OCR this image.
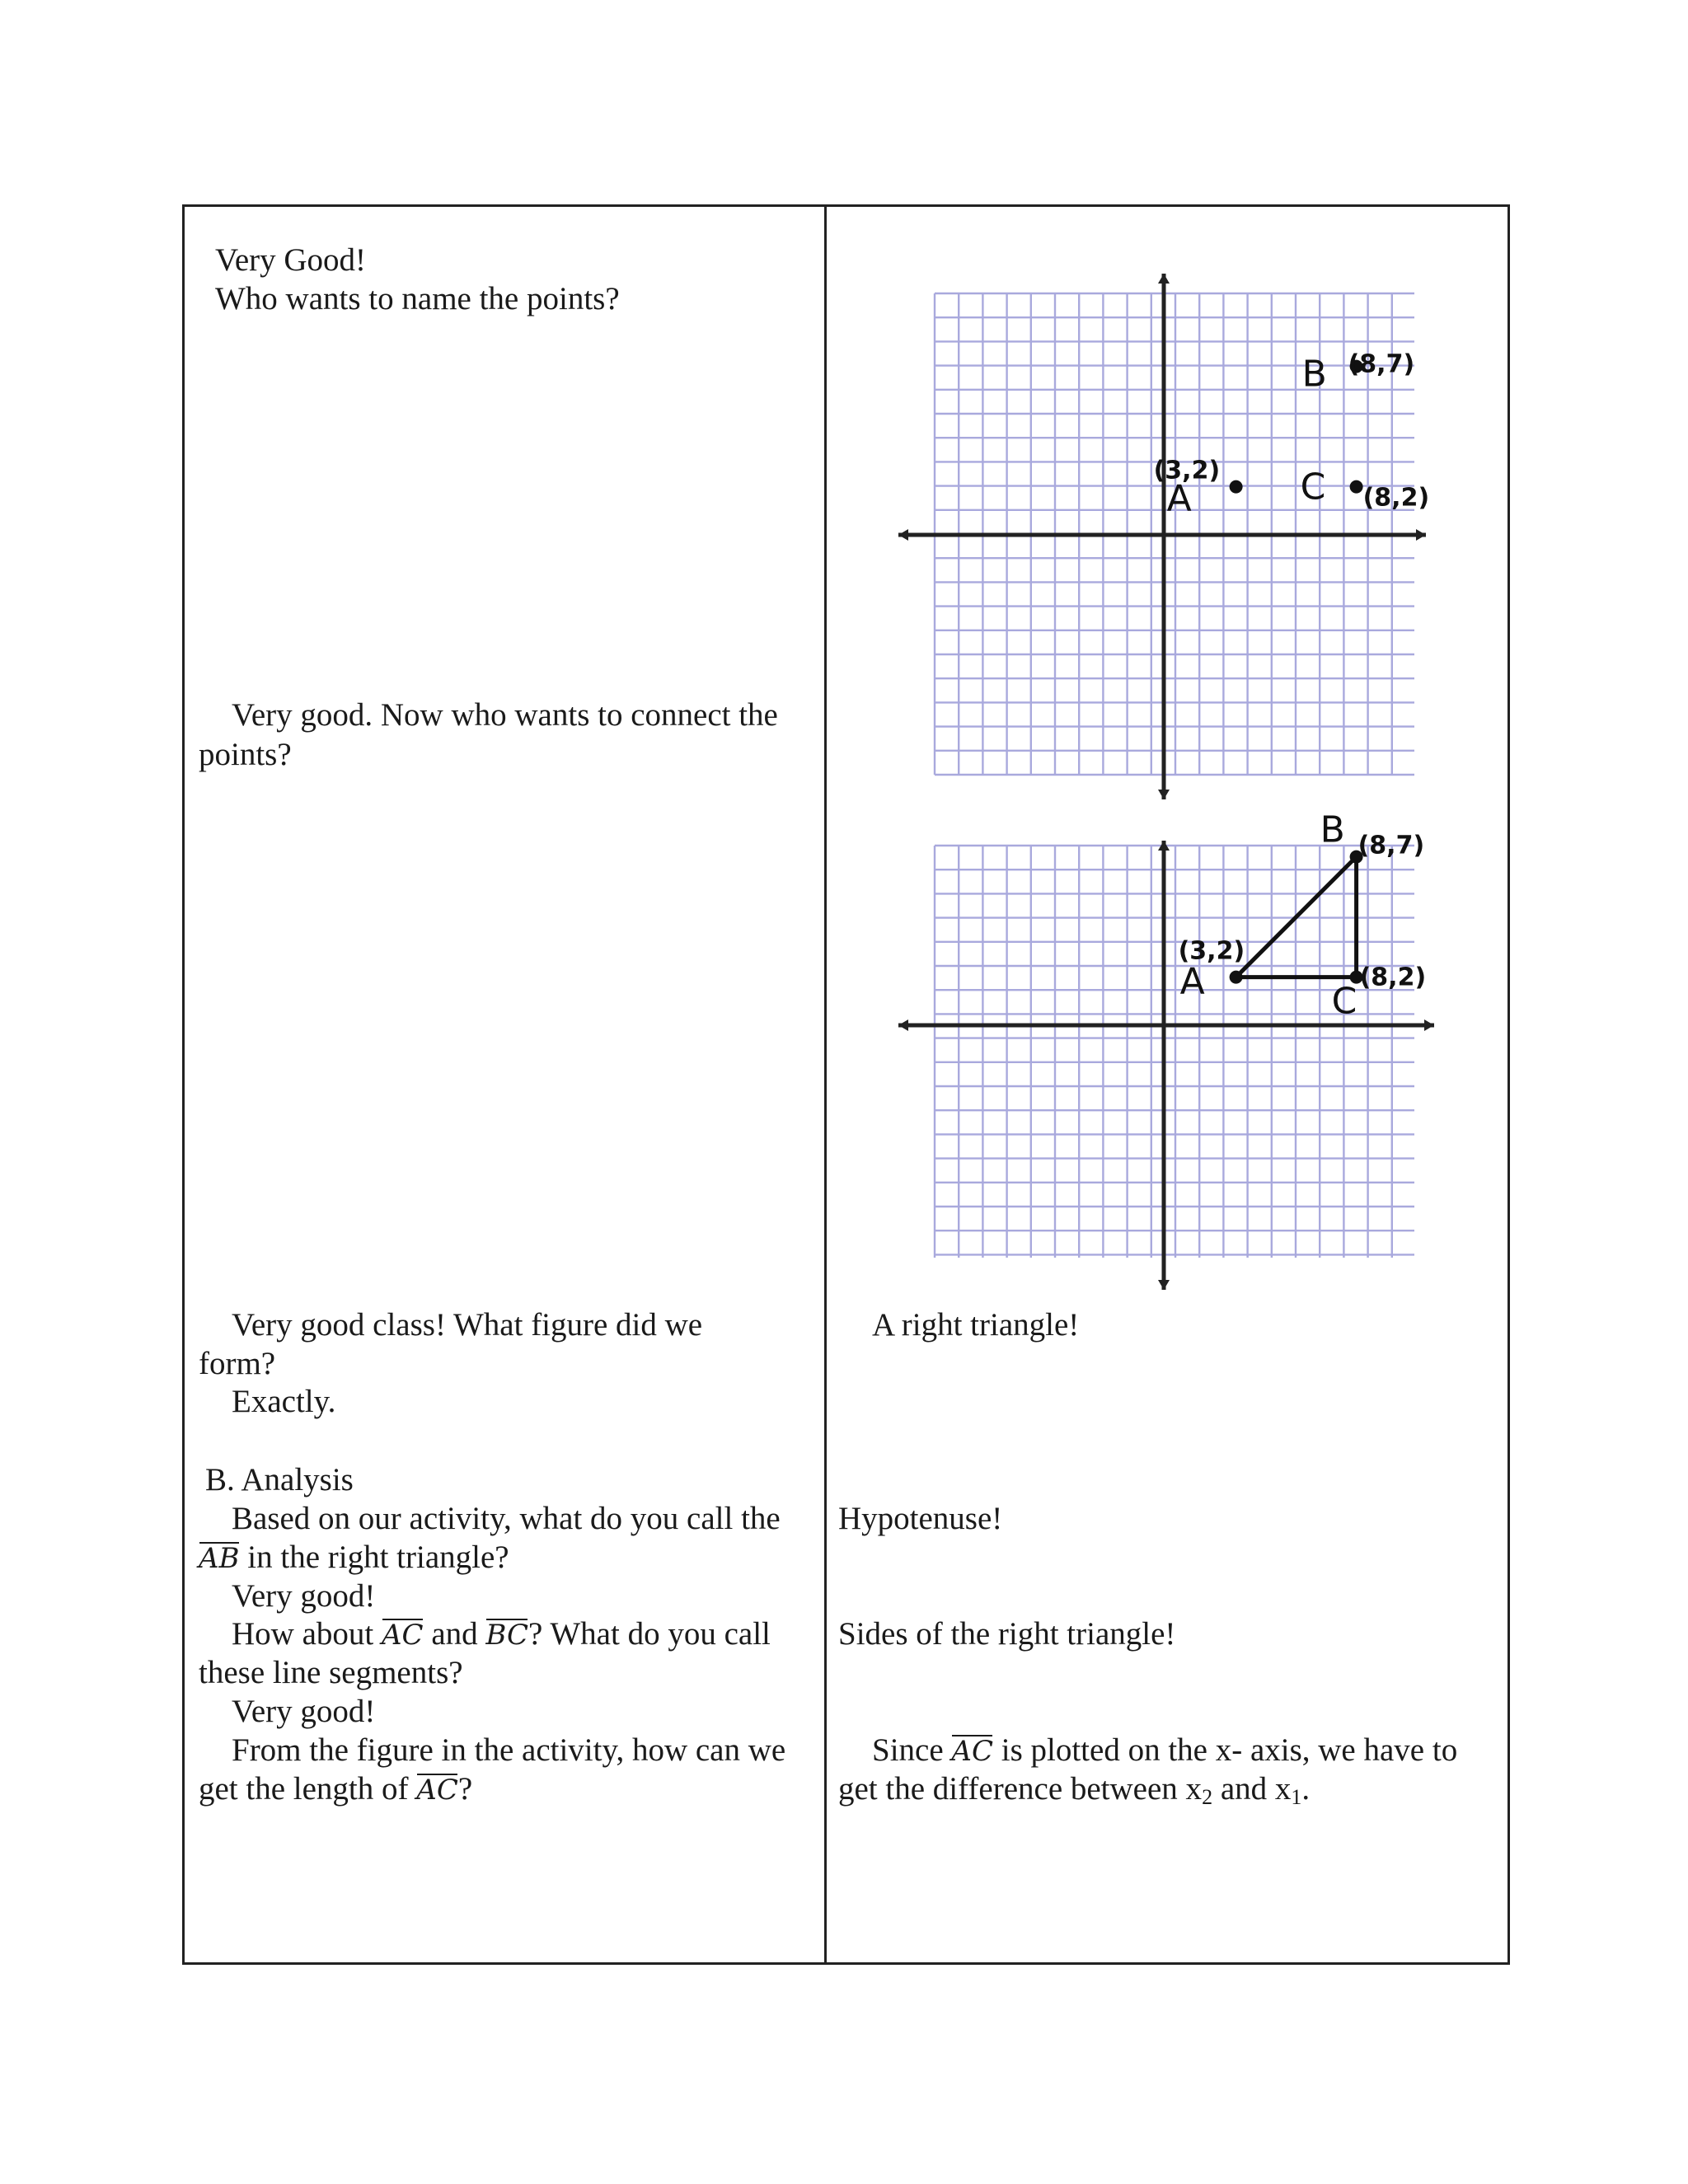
Very Good!
Who wants to name the points?
Very good. Now who wants to connect the
points?
Very good class! What figure did we
form?
Exactly.
B. Analysis
Based on our activity, what do you call the
AB in the right triangle?
Very good!
How about AC and BC? What do you call
these line segments?
Very good!
From the figure in the activity, how can we
get the length of AC?
A right triangle!
Hypotenuse!
Sides of the right triangle!
Since AC is plotted on the x- axis, we have to
get the difference between $x_2$ and $x_1$.
A
(3,2)
B (8,7)
C (8,2)
A
(3,2)
B (8,7)
C
(8,2)
